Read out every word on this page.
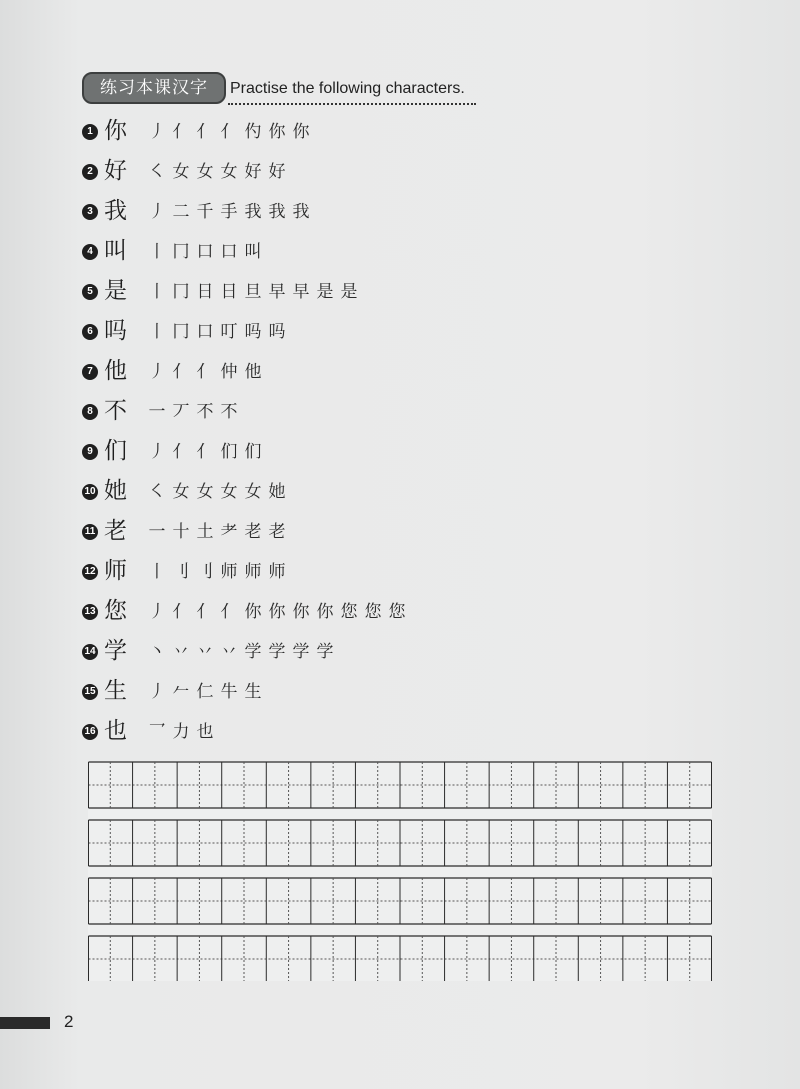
练习本课汉字	Practise the following characters.
1 你 丿 亻 亻 亻 仢 你 你
2 好 ㇛ 女 女 女 好 好
3 我 丿 二 千 手 我 我 我
4 叫 丨 冂 口 口 叫
5 是 丨 冂 日 日 旦 早 早 是 是
6 吗 丨 冂 口 叮 吗 吗
7 他 丿 亻 亻 仲 他
8 不 一 丆 不 不
9 们 丿 亻 亻 们 们
10 她 ㇛ 女 女 女 女 她
11 老 一 十 土 耂 老 老
12 师 丨 刂 刂 师 师 师
13 您 丿 亻 亻 亻 你 你 你 你 您 您 您
14 学 丶 丷 丷 丷 学 学 学 学
15 生 丿 𠂉 仁 牛 生
16 也 乛 力 也
2
